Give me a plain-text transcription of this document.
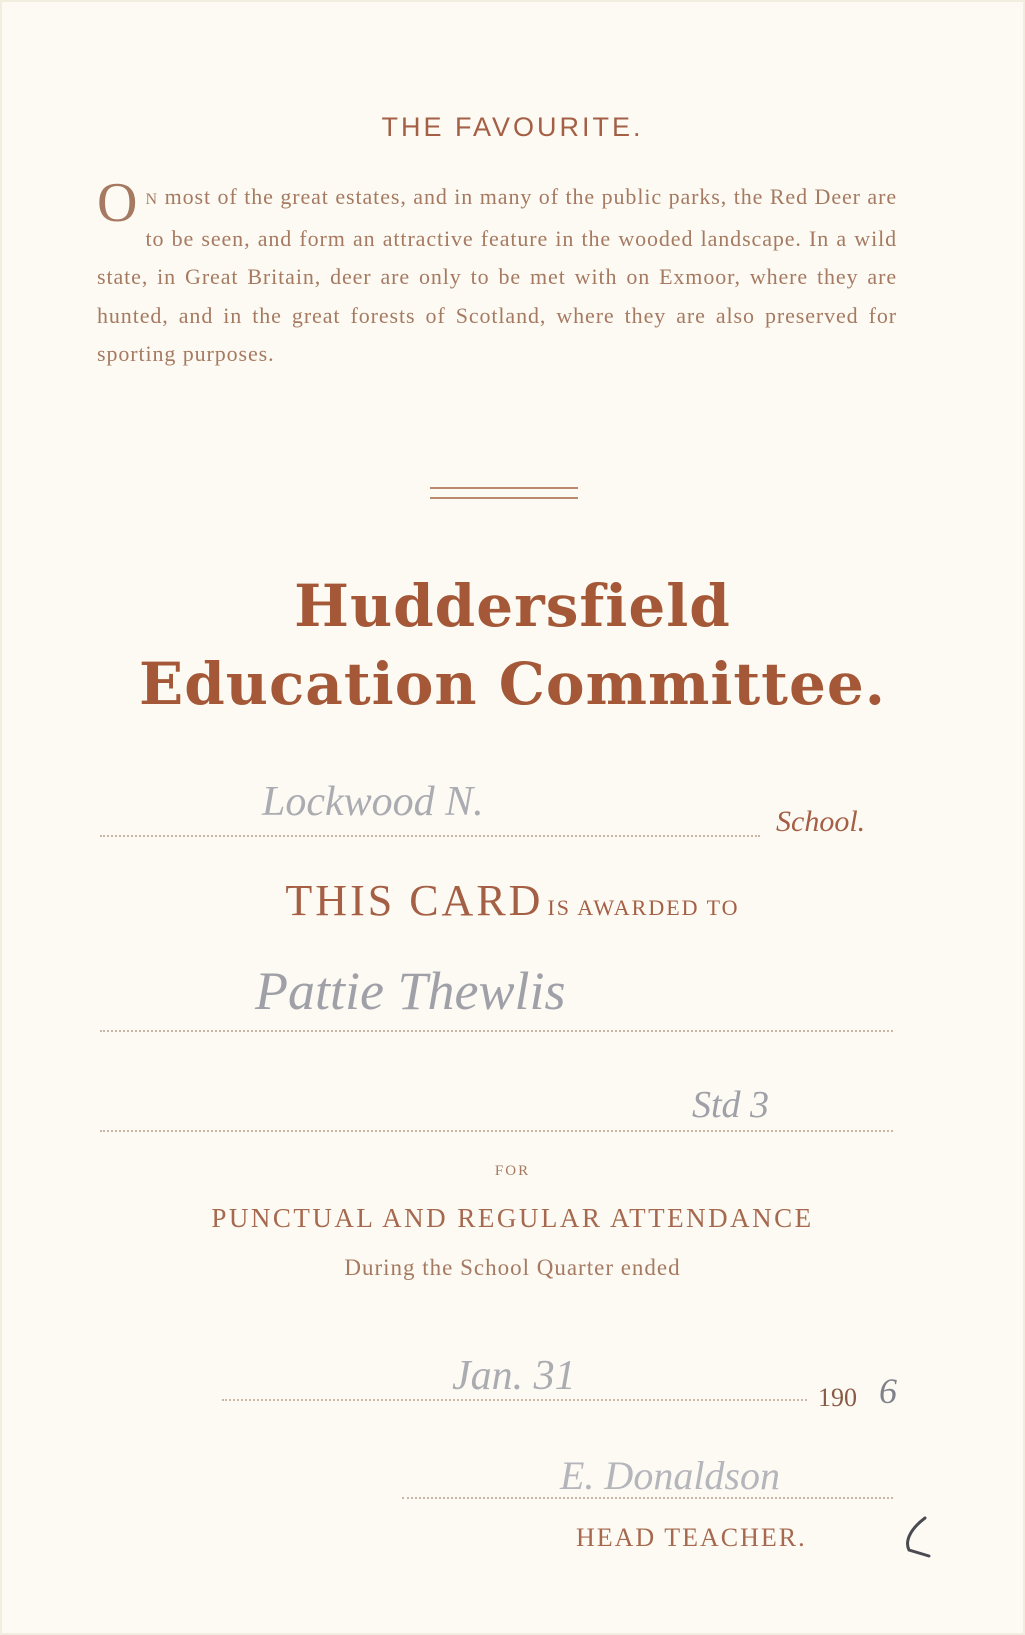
THE FAVOURITE.
O N most of the great estates, and in many of the public parks, the Red Deer are to be seen, and form an attractive feature in the wooded landscape. In a wild state, in Great Britain, deer are only to be met with on Exmoor, where they are hunted, and in the great forests of Scotland, where they are also preserved for sporting purposes.
Huddersfield
Education Committee.
Lockwood N.	School.
THIS CARD IS AWARDED TO
Pattie Thewlis
Std 3
FOR
PUNCTUAL AND REGULAR ATTENDANCE
During the School Quarter ended
Jan. 31	190 6
E. Donaldson
HEAD TEACHER.
